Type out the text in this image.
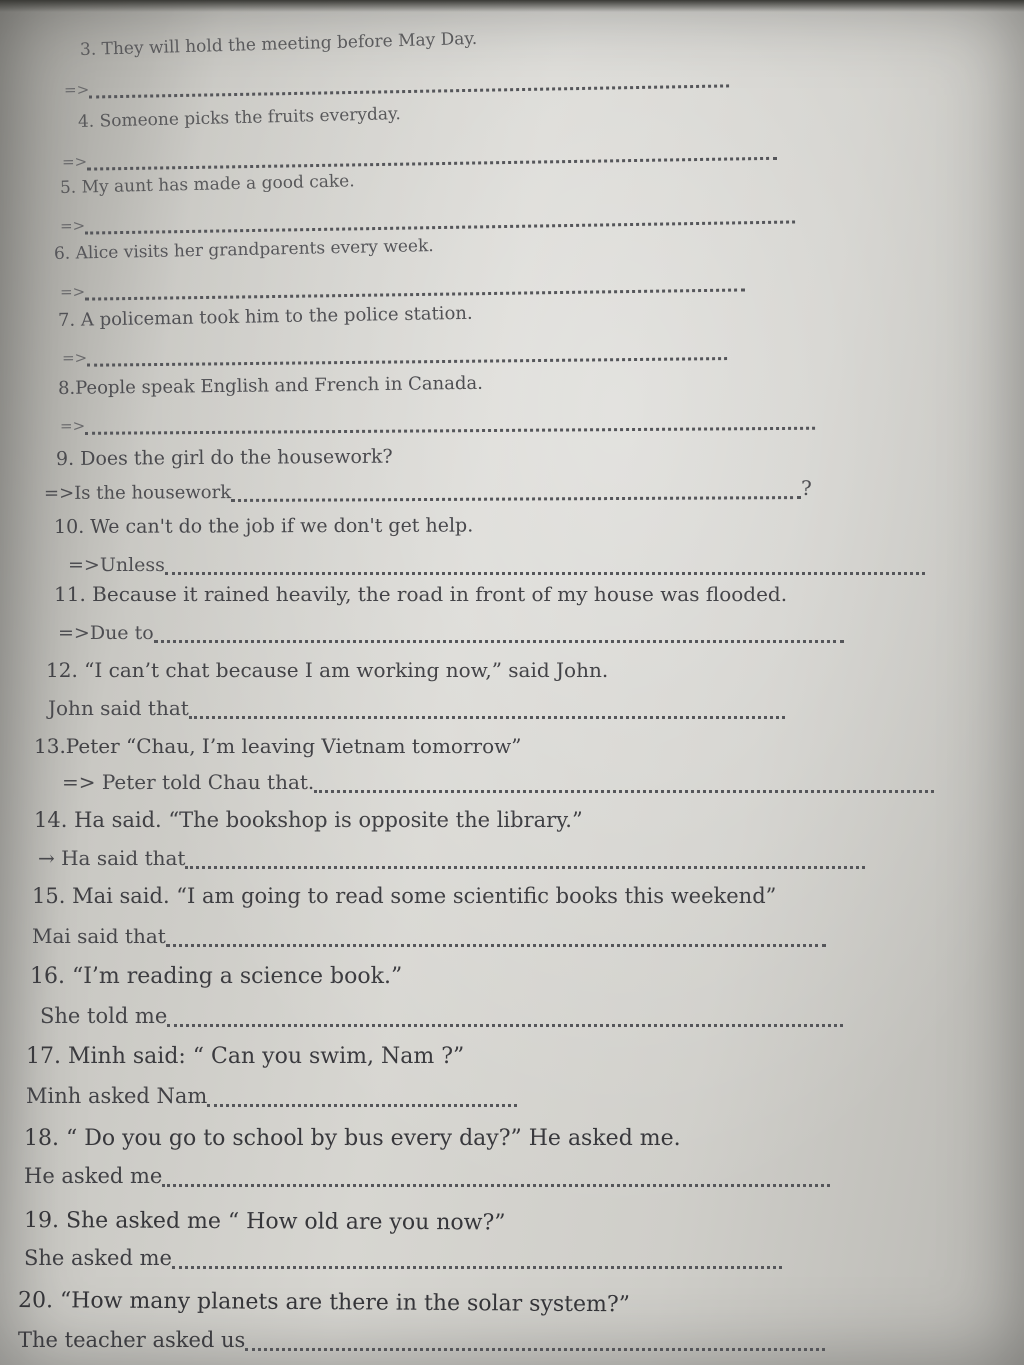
3. They will hold the meeting before May Day.
=>
4. Someone picks the fruits everyday.
=>
5. My aunt has made a good cake.
=>
6. Alice visits her grandparents every week.
=>
7. A policeman took him to the police station.
=>
8.People speak English and French in Canada.
=>
9. Does the girl do the housework?
=>Is the housework	?
10. We can't do the job if we don't get help.
=>Unless
11. Because it rained heavily, the road in front of my house was flooded.
=>Due to
12. “I can’t chat because I am working now,” said John.
John said that
13.Peter “Chau, I’m leaving Vietnam tomorrow”
=> Peter told Chau that.
14. Ha said. “The bookshop is opposite the library.”
→ Ha said that
15. Mai said. “I am going to read some scientific books this weekend”
Mai said that
16. “I’m reading a science book.”
She told me
17. Minh said: “ Can you swim, Nam ?”
Minh asked Nam
18. “ Do you go to school by bus every day?” He asked me.
He asked me
19. She asked me “ How old are you now?”
She asked me
20. “How many planets are there in the solar system?”
The teacher asked us
